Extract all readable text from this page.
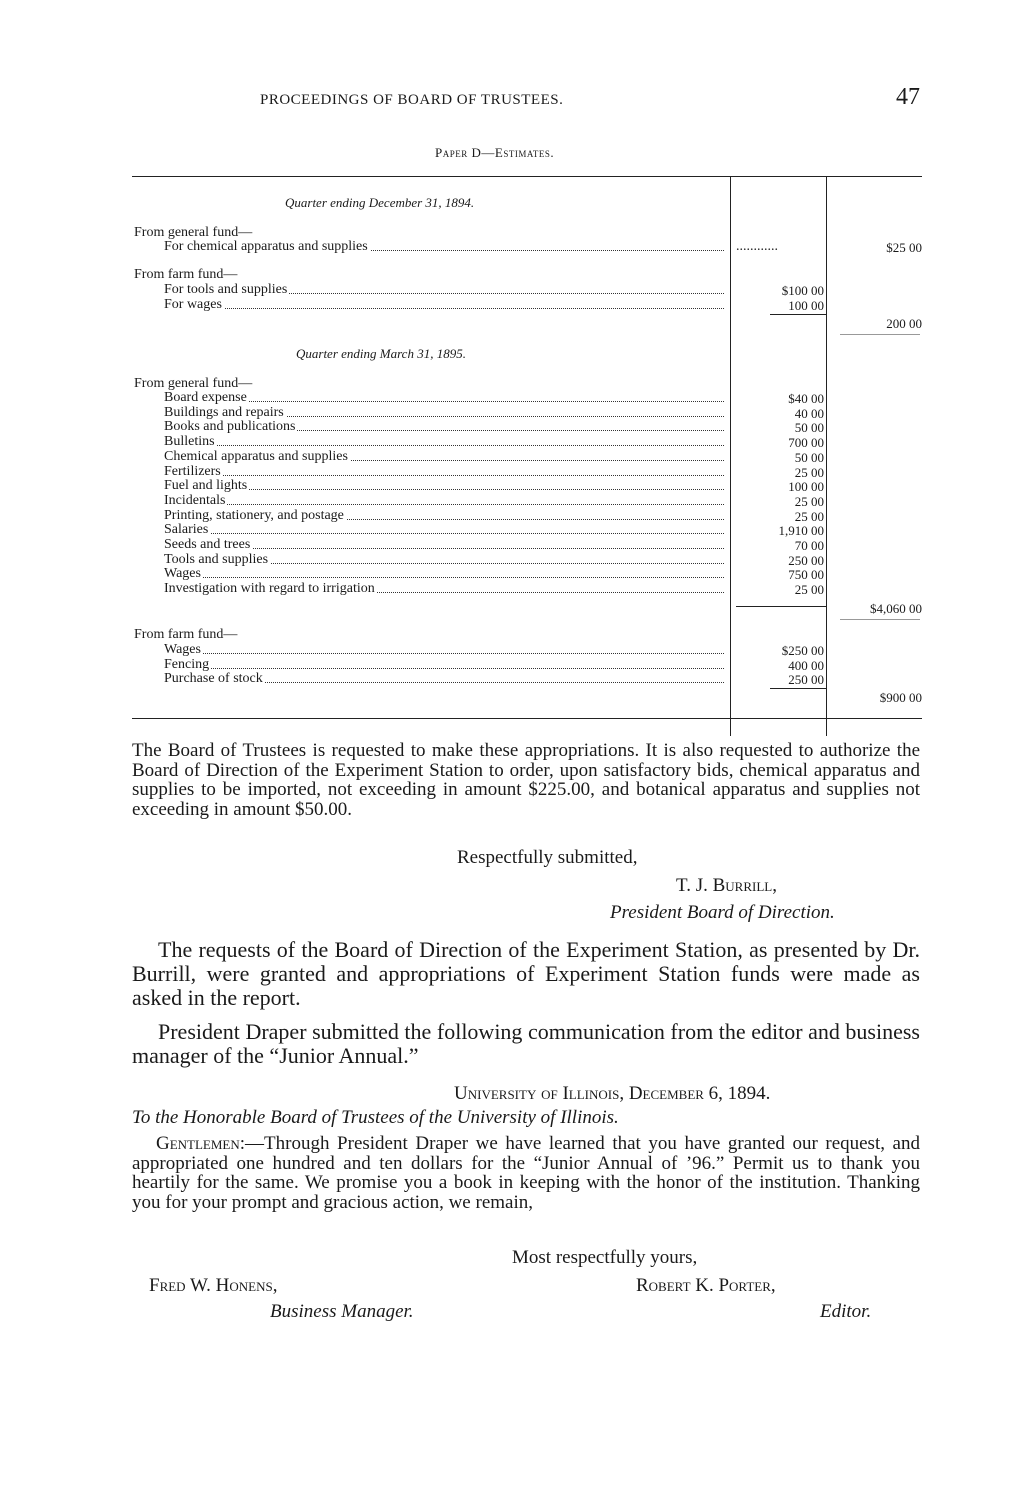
PROCEEDINGS OF BOARD OF TRUSTEES.	47
Paper D—Estimates.
Quarter ending December 31, 1894.
From general fund—
For chemical apparatus and supplies	............	$25 00
From farm fund—
For tools and supplies	$100 00
For wages	100 00
200 00
Quarter ending March 31, 1895.
From general fund—
Board expense	$40 00
Buildings and repairs	40 00
Books and publications	50 00
Bulletins	700 00
Chemical apparatus and supplies	50 00
Fertilizers	25 00
Fuel and lights	100 00
Incidentals	25 00
Printing, stationery, and postage	25 00
Salaries	1,910 00
Seeds and trees	70 00
Tools and supplies	250 00
Wages	750 00
Investigation with regard to irrigation	25 00
$4,060 00
From farm fund—
Wages	$250 00
Fencing	400 00
Purchase of stock	250 00
$900 00
The Board of Trustees is requested to make these appropriations. It is also requested to authorize the Board of Direction of the Experiment Station to order, upon satisfactory bids, chemical apparatus and supplies to be imported, not exceeding in amount $225.00, and botanical apparatus and supplies not exceeding in amount $50.00.
Respectfully submitted,
T. J. Burrill,
President Board of Direction.
The requests of the Board of Direction of the Experiment Station, as presented by Dr. Burrill, were granted and appropriations of Experiment Station funds were made as asked in the report.
President Draper submitted the following communication from the editor and business manager of the “Junior Annual.”
University of Illinois, December 6, 1894.
To the Honorable Board of Trustees of the University of Illinois.
Gentlemen:—Through President Draper we have learned that you have granted our request, and appropriated one hundred and ten dollars for the “Junior Annual of ’96.” Permit us to thank you heartily for the same. We promise you a book in keeping with the honor of the institution. Thanking you for your prompt and gracious action, we remain,
Most respectfully yours,
Fred W. Honens,	Robert K. Porter,
Business Manager.	Editor.
